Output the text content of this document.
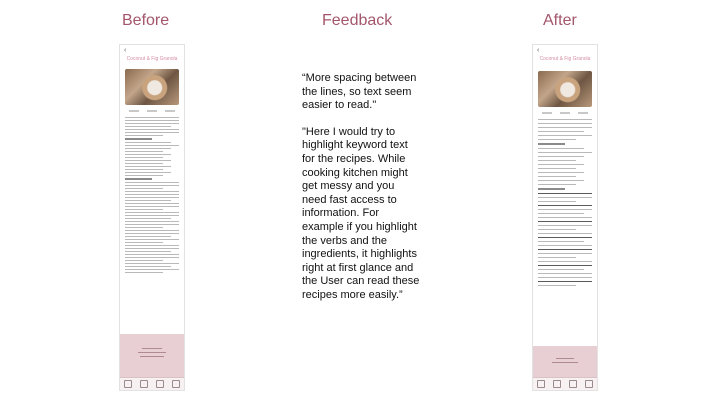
Before	Feedback	After
‹
Coconut & Fig Granola

“More spacing between the lines, so text seem easier to read."

"Here I would try to highlight keyword text for the recipes. While cooking kitchen might get messy and you need fast access to information. For example if you highlight the verbs and the ingredients, it highlights right at first glance and the User can read these recipes more easily.”

‹
Coconut & Fig Granola
